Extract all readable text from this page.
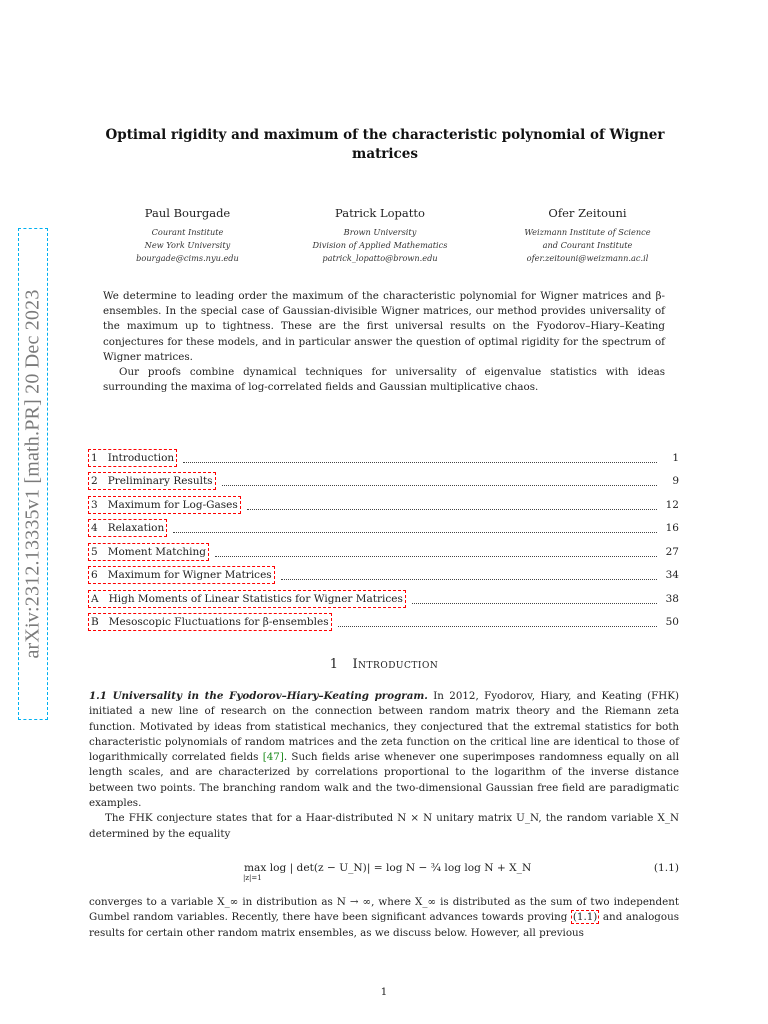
arXiv:2312.13335v1 [math.PR] 20 Dec 2023
Optimal rigidity and maximum of the characteristic polynomial of Wigner matrices
Paul Bourgade
Courant Institute
New York University
bourgade@cims.nyu.edu
Patrick Lopatto
Brown University
Division of Applied Mathematics
patrick_lopatto@brown.edu
Ofer Zeitouni
Weizmann Institute of Science
and Courant Institute
ofer.zeitouni@weizmann.ac.il

We determine to leading order the maximum of the characteristic polynomial for Wigner matrices and β-ensembles. In the special case of Gaussian-divisible Wigner matrices, our method provides universality of the maximum up to tightness. These are the first universal results on the Fyodorov–Hiary–Keating conjectures for these models, and in particular answer the question of optimal rigidity for the spectrum of Wigner matrices.

Our proofs combine dynamical techniques for universality of eigenvalue statistics with ideas surrounding the maxima of log-correlated fields and Gaussian multiplicative chaos.

1 Introduction	1
2 Preliminary Results	9
3 Maximum for Log-Gases	12
4 Relaxation	16
5 Moment Matching	27
6 Maximum for Wigner Matrices	34
A High Moments of Linear Statistics for Wigner Matrices	38
B Mesoscopic Fluctuations for β-ensembles	50
1 Introduction

1.1 Universality in the Fyodorov–Hiary–Keating program. In 2012, Fyodorov, Hiary, and Keating (FHK) initiated a new line of research on the connection between random matrix theory and the Riemann zeta function. Motivated by ideas from statistical mechanics, they conjectured that the extremal statistics for both characteristic polynomials of random matrices and the zeta function on the critical line are identical to those of logarithmically correlated fields [47]. Such fields arise whenever one superimposes randomness equally on all length scales, and are characterized by correlations proportional to the logarithm of the inverse distance between two points. The branching random walk and the two-dimensional Gaussian free field are paradigmatic examples.

The FHK conjecture states that for a Haar-distributed N × N unitary matrix U_N, the random variable X_N determined by the equality

max log | det(z − U_N)| = log N − ¾ log log N + X_N
|z|=1
(1.1)

converges to a variable X_∞ in distribution as N → ∞, where X_∞ is distributed as the sum of two independent Gumbel random variables. Recently, there have been significant advances towards proving (1.1) and analogous results for certain other random matrix ensembles, as we discuss below. However, all previous

1
